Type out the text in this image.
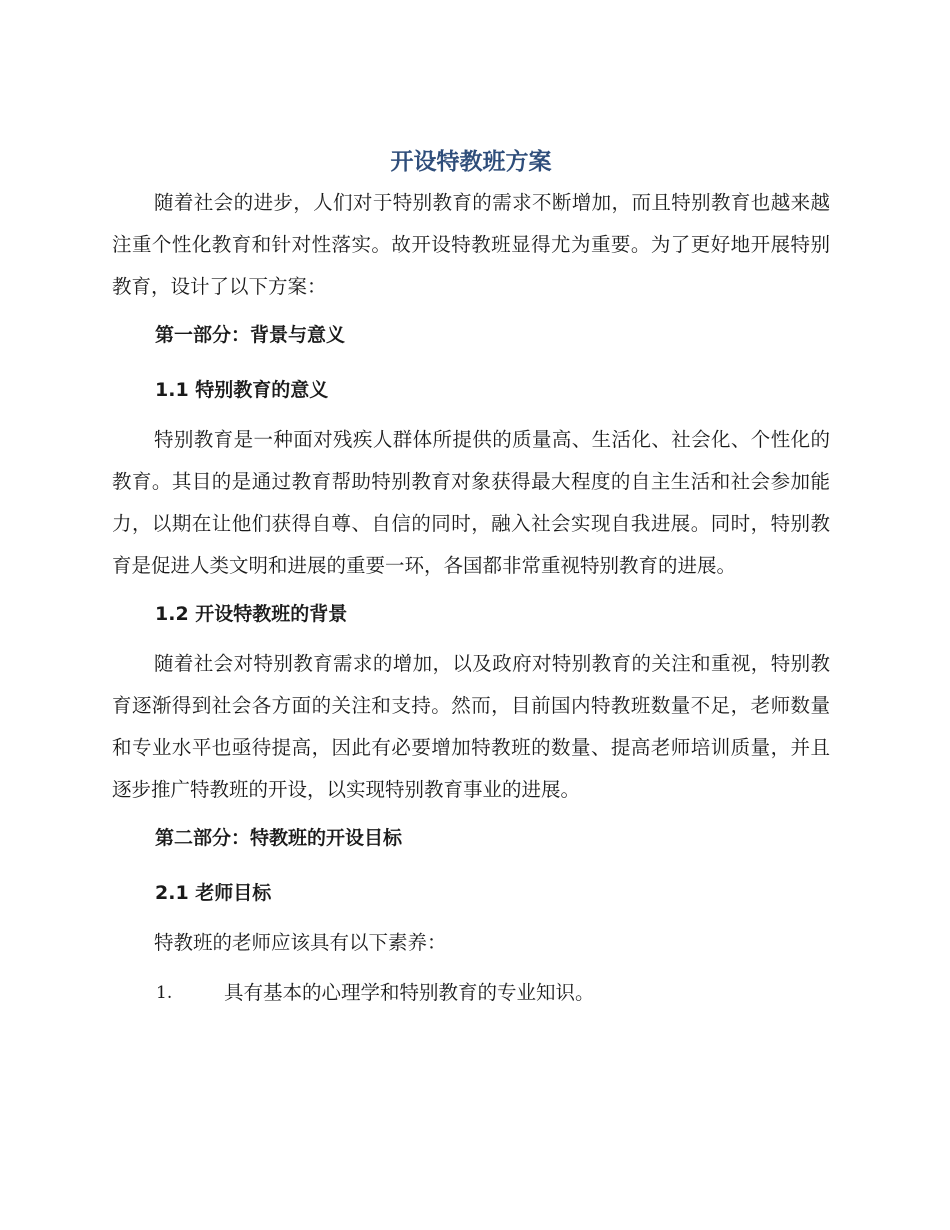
开设特教班方案

随着社会的进步，人们对于特别教育的需求不断增加，而且特别教育也越来越注重个性化教育和针对性落实。故开设特教班显得尤为重要。为了更好地开展特别教育，设计了以下方案：

第一部分：背景与意义
1.1 特别教育的意义

特别教育是一种面对残疾人群体所提供的质量高、生活化、社会化、个性化的教育。其目的是通过教育帮助特别教育对象获得最大程度的自主生活和社会参加能力，以期在让他们获得自尊、自信的同时，融入社会实现自我进展。同时，特别教育是促进人类文明和进展的重要一环，各国都非常重视特别教育的进展。

1.2 开设特教班的背景

随着社会对特别教育需求的增加，以及政府对特别教育的关注和重视，特别教育逐渐得到社会各方面的关注和支持。然而，目前国内特教班数量不足，老师数量和专业水平也亟待提高，因此有必要增加特教班的数量、提高老师培训质量，并且逐步推广特教班的开设，以实现特别教育事业的进展。

第二部分：特教班的开设目标
2.1 老师目标

特教班的老师应该具有以下素养：

1.	具有基本的心理学和特别教育的专业知识。
